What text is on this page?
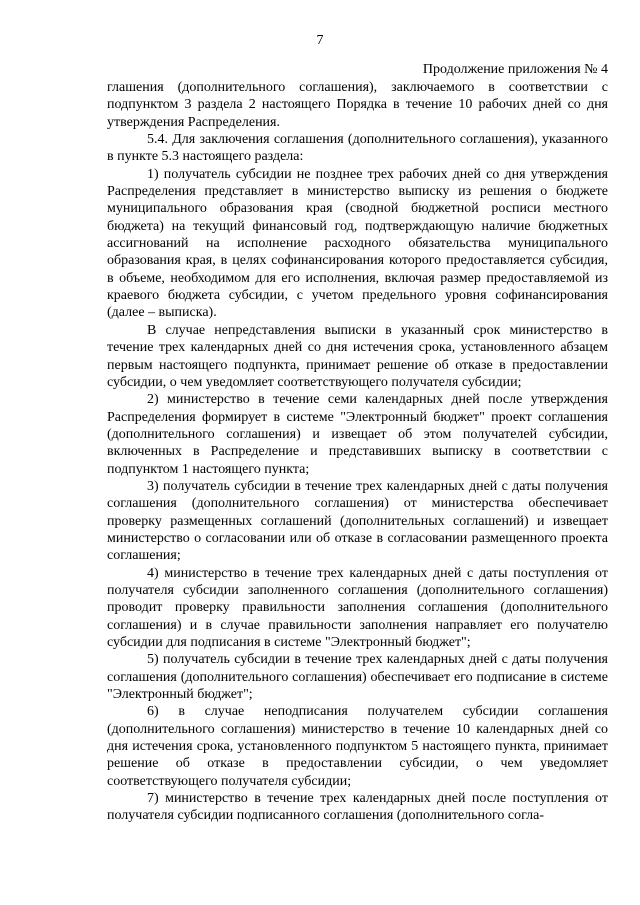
7
Продолжение приложения № 4

глашения (дополнительного соглашения), заключаемого в соответствии с подпунктом 3 раздела 2 настоящего Порядка в течение 10 рабочих дней со дня утверждения Распределения.

5.4. Для заключения соглашения (дополнительного соглашения), указанного в пункте 5.3 настоящего раздела:

1) получатель субсидии не позднее трех рабочих дней со дня утверждения Распределения представляет в министерство выписку из решения о бюджете муниципального образования края (сводной бюджетной росписи местного бюджета) на текущий финансовый год, подтверждающую наличие бюджетных ассигнований на исполнение расходного обязательства муниципального образования края, в целях софинансирования которого предоставляется субсидия, в объеме, необходимом для его исполнения, включая размер предоставляемой из краевого бюджета субсидии, с учетом предельного уровня софинансирования (далее – выписка).

В случае непредставления выписки в указанный срок министерство в течение трех календарных дней со дня истечения срока, установленного абзацем первым настоящего подпункта, принимает решение об отказе в предоставлении субсидии, о чем уведомляет соответствующего получателя субсидии;

2) министерство в течение семи календарных дней после утверждения Распределения формирует в системе "Электронный бюджет" проект соглашения (дополнительного соглашения) и извещает об этом получателей субсидии, включенных в Распределение и представивших выписку в соответствии с подпунктом 1 настоящего пункта;

3) получатель субсидии в течение трех календарных дней с даты получения соглашения (дополнительного соглашения) от министерства обеспечивает проверку размещенных соглашений (дополнительных соглашений) и извещает министерство о согласовании или об отказе в согласовании размещенного проекта соглашения;

4) министерство в течение трех календарных дней с даты поступления от получателя субсидии заполненного соглашения (дополнительного соглашения) проводит проверку правильности заполнения соглашения (дополнительного соглашения) и в случае правильности заполнения направляет его получателю субсидии для подписания в системе "Электронный бюджет";

5) получатель субсидии в течение трех календарных дней с даты получения соглашения (дополнительного соглашения) обеспечивает его подписание в системе "Электронный бюджет";

6) в случае неподписания получателем субсидии соглашения (дополнительного соглашения) министерство в течение 10 календарных дней со дня истечения срока, установленного подпунктом 5 настоящего пункта, принимает решение об отказе в предоставлении субсидии, о чем уведомляет соответствующего получателя субсидии;

7) министерство в течение трех календарных дней после поступления от получателя субсидии подписанного соглашения (дополнительного согла-
